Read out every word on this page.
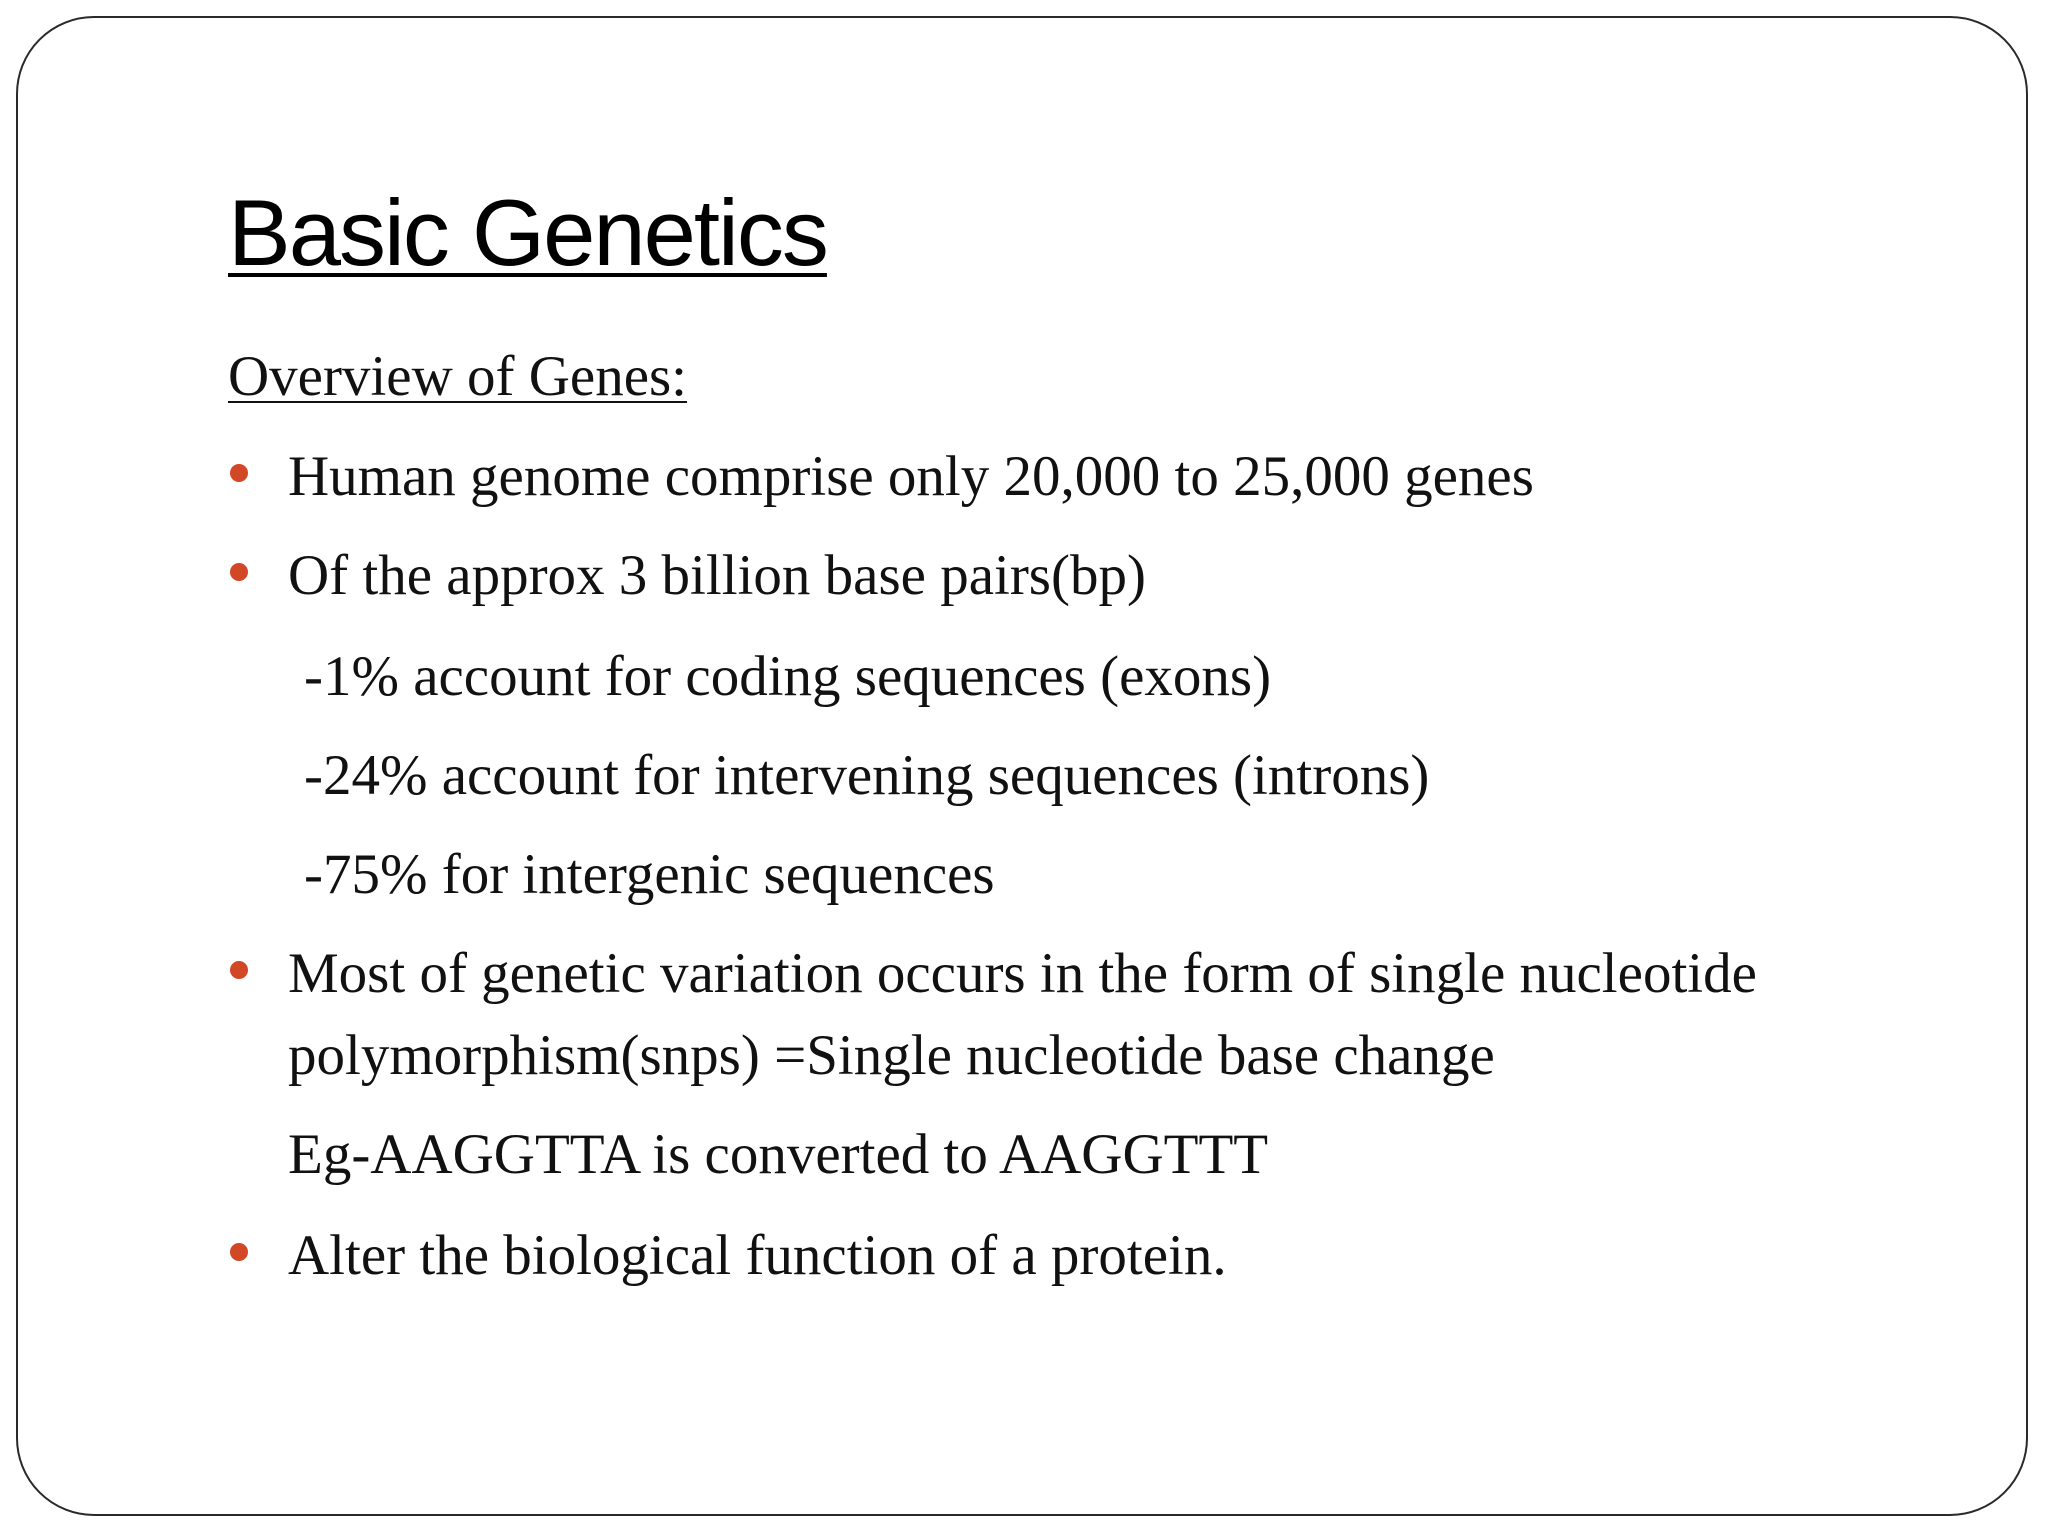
Basic Genetics
Overview of Genes:
Human genome comprise only 20,000 to 25,000 genes
Of the approx 3 billion base pairs(bp)
-1% account for coding sequences (exons)
-24% account for intervening sequences (introns)
-75% for intergenic sequences
Most of genetic variation occurs in the form of single nucleotide
polymorphism(snps) =Single nucleotide base change
Eg-AAGGTTA is converted to AAGGTTT
Alter the biological function of a protein.
